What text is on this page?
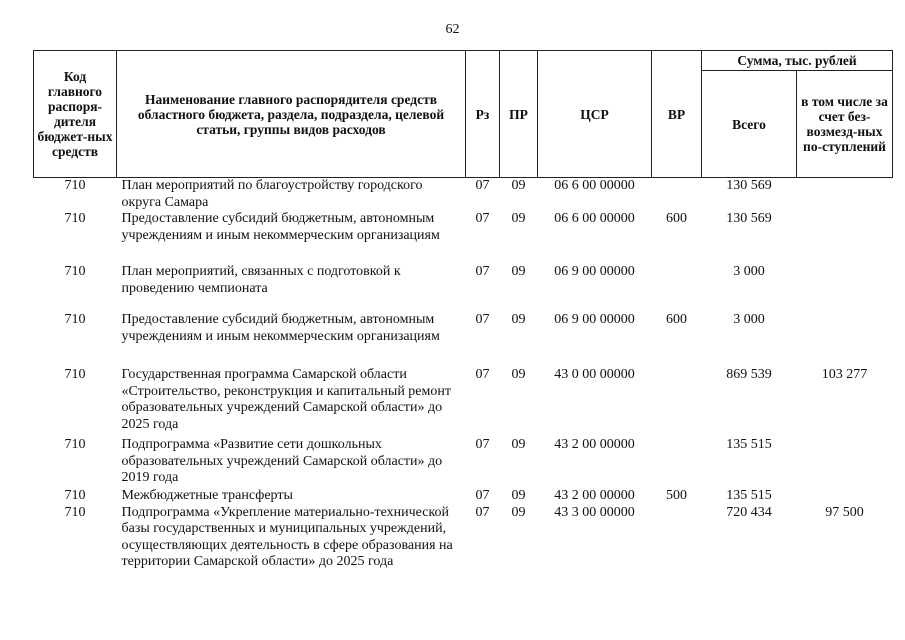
62
Код главного распоря-дителя бюджет-ных средств	Наименование главного распорядителя средств областного бюджета, раздела, подраздела, целевой статьи, группы видов расходов	Рз	ПР	ЦСР	ВР	Сумма, тыс. рублей	
						Всего	в том числе за счет без-возмезд-ных по-ступлений
710	План мероприятий по благоустройству городского округа Самара	07	09	06 6 00 00000		130 569	
710	Предоставление субсидий бюджетным, автономным учреждениям и иным некоммерческим организациям	07	09	06 6 00 00000	600	130 569	
710	План мероприятий, связанных с подготовкой к проведению чемпионата	07	09	06 9 00 00000		3 000	
710	Предоставление субсидий бюджетным, автономным учреждениям и иным некоммерческим организациям	07	09	06 9 00 00000	600	3 000	
710	Государственная программа Самарской области «Строительство, реконструкция и капитальный ремонт образовательных учреждений Самарской области» до 2025 года	07	09	43 0 00 00000		869 539	103 277
710	Подпрограмма «Развитие сети дошкольных образовательных учреждений Самарской области» до 2019 года	07	09	43 2 00 00000		135 515	
710	Межбюджетные трансферты	07	09	43 2 00 00000	500	135 515	
710	Подпрограмма «Укрепление материально-технической базы государственных и муниципальных учреждений, осуществляющих деятельность в сфере образования на территории Самарской области» до 2025 года	07	09	43 3 00 00000		720 434	97 500
